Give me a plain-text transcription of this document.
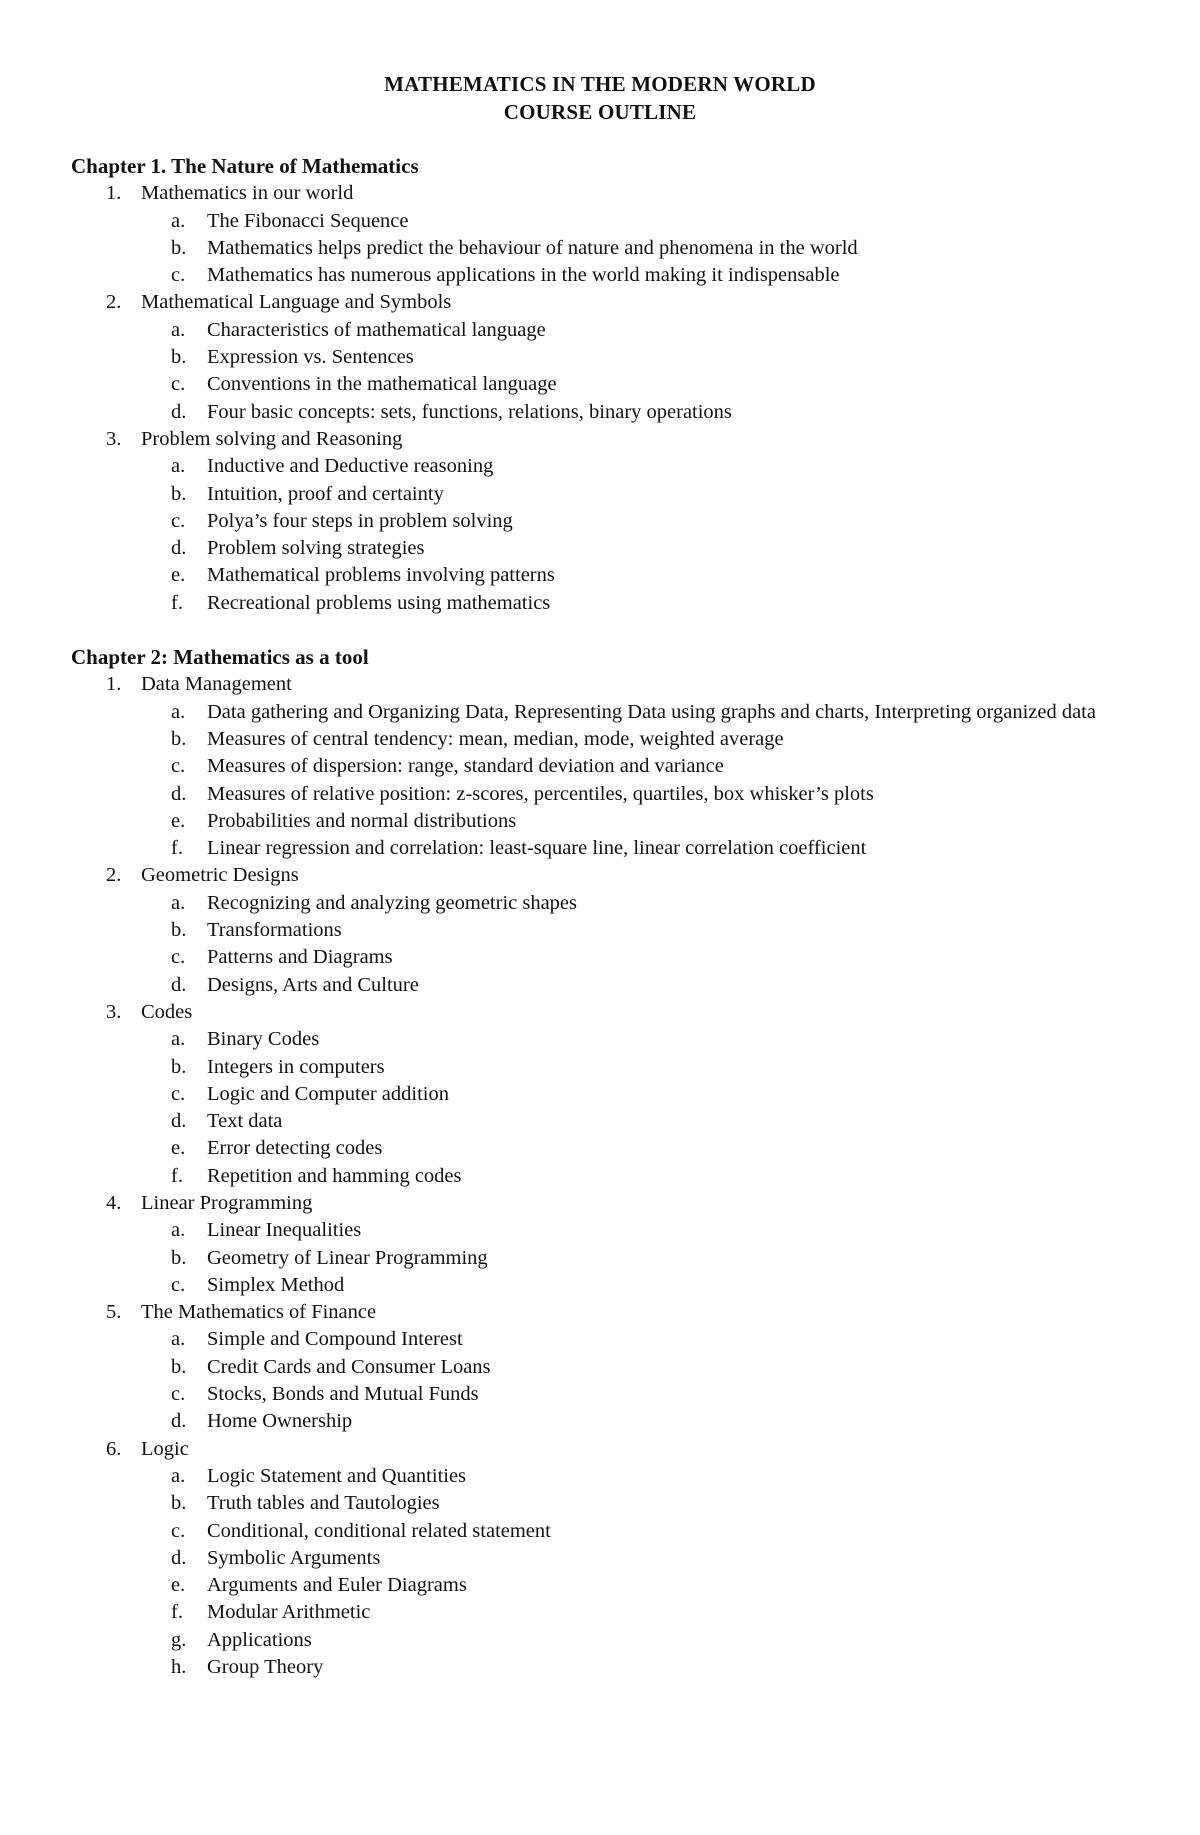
MATHEMATICS IN THE MODERN WORLD
COURSE OUTLINE
Chapter 1. The Nature of Mathematics
1. Mathematics in our world
a.	The Fibonacci Sequence
b.	Mathematics helps predict the behaviour of nature and phenomena in the world
c.	Mathematics has numerous applications in the world making it indispensable
2. Mathematical Language and Symbols
a.	Characteristics of mathematical language
b.	Expression vs. Sentences
c.	Conventions in the mathematical language
d.	Four basic concepts: sets, functions, relations, binary operations
3. Problem solving and Reasoning
a.	Inductive and Deductive reasoning
b.	Intuition, proof and certainty
c.	Polya’s four steps in problem solving
d.	Problem solving strategies
e.	Mathematical problems involving patterns
f.	Recreational problems using mathematics
Chapter 2: Mathematics as a tool
1. Data Management
a.	Data gathering and Organizing Data, Representing Data using graphs and charts, Interpreting organized data
b.	Measures of central tendency: mean, median, mode, weighted average
c.	Measures of dispersion: range, standard deviation and variance
d.	Measures of relative position: z-scores, percentiles, quartiles, box whisker’s plots
e.	Probabilities and normal distributions
f.	Linear regression and correlation: least-square line, linear correlation coefficient
2. Geometric Designs
a.	Recognizing and analyzing geometric shapes
b.	Transformations
c.	Patterns and Diagrams
d.	Designs, Arts and Culture
3. Codes
a.	Binary Codes
b.	Integers in computers
c.	Logic and Computer addition
d.	Text data
e.	Error detecting codes
f.	Repetition and hamming codes
4. Linear Programming
a.	Linear Inequalities
b.	Geometry of Linear Programming
c.	Simplex Method
5. The Mathematics of Finance
a.	Simple and Compound Interest
b.	Credit Cards and Consumer Loans
c.	Stocks, Bonds and Mutual Funds
d.	Home Ownership
6. Logic
a.	Logic Statement and Quantities
b.	Truth tables and Tautologies
c.	Conditional, conditional related statement
d.	Symbolic Arguments
e.	Arguments and Euler Diagrams
f.	Modular Arithmetic
g.	Applications
h.	Group Theory
